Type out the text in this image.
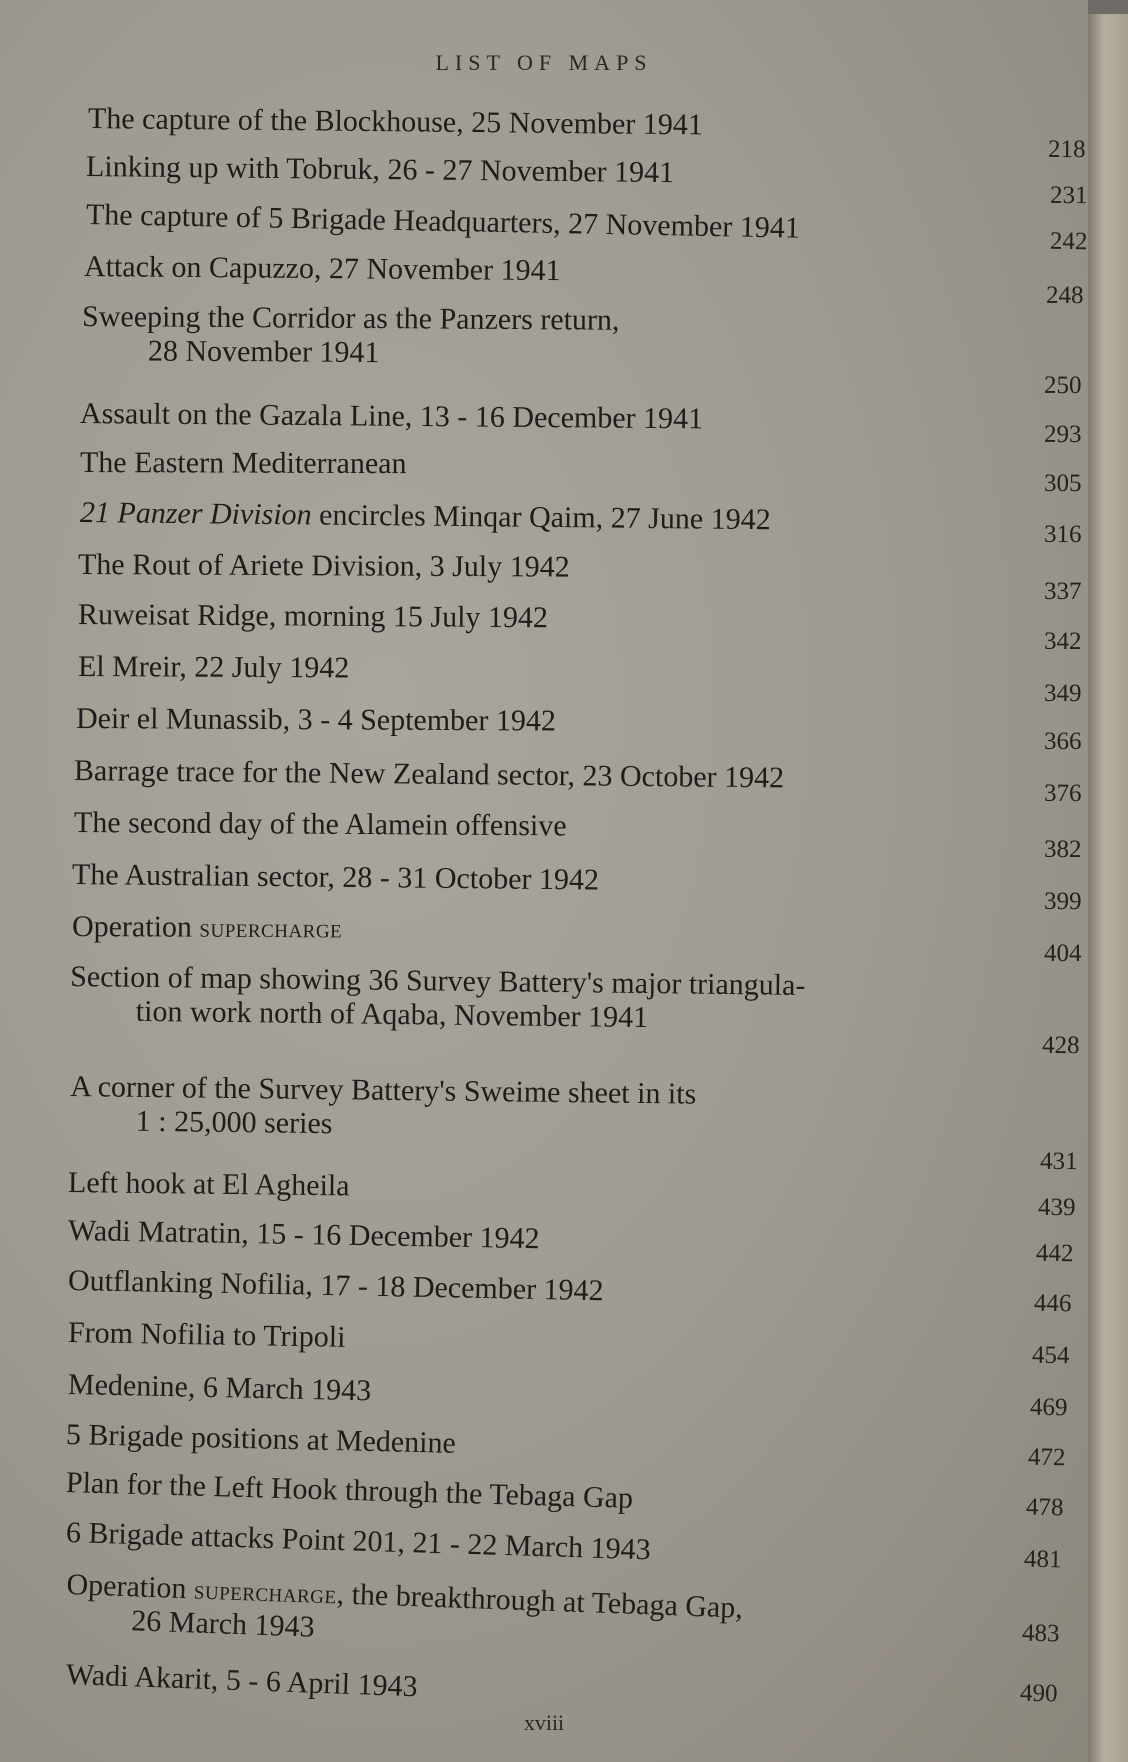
LIST OF MAPS
The capture of the Blockhouse, 25 November 1941
218
Linking up with Tobruk, 26 - 27 November 1941
231
The capture of 5 Brigade Headquarters, 27 November 1941	242
Attack on Capuzzo, 27 November 1941
248
Sweeping the Corridor as the Panzers return,
28 November 1941
250
Assault on the Gazala Line, 13 - 16 December 1941	293
The Eastern Mediterranean
305
21 Panzer Division encircles Minqar Qaim, 27 June 1942	316
The Rout of Ariete Division, 3 July 1942
337
Ruweisat Ridge, morning 15 July 1942
342
El Mreir, 22 July 1942
349
Deir el Munassib, 3 - 4 September 1942
366
Barrage trace for the New Zealand sector, 23 October 1942	376
The second day of the Alamein offensive
382
The Australian sector, 28 - 31 October 1942
399
Operation supercharge
404
Section of map showing 36 Survey Battery's major triangula-
tion work north of Aqaba, November 1941
428
A corner of the Survey Battery's Sweime sheet in its
1 : 25,000 series
431
Left hook at El Agheila
439
Wadi Matratin, 15 - 16 December 1942	442
Outflanking Nofilia, 17 - 18 December 1942	446
From Nofilia to Tripoli
454
Medenine, 6 March 1943
469
5 Brigade positions at Medenine	472
Plan for the Left Hook through the Tebaga Gap	478
6 Brigade attacks Point 201, 21 - 22 March 1943	481
Operation supercharge, the breakthrough at Tebaga Gap,
26 March 1943	483
Wadi Akarit, 5 - 6 April 1943	490
xviii
